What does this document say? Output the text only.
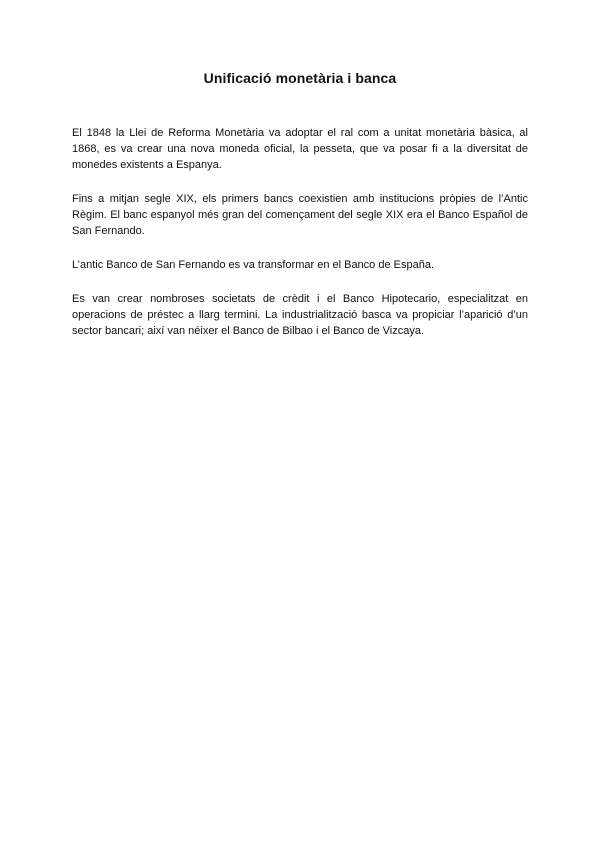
Unificació monetària i banca

El 1848 la Llei de Reforma Monetària va adoptar el ral com a unitat monetària bàsica, al 1868, es va crear una nova moneda oficial, la pesseta, que va posar fi a la diversitat de monedes existents a Espanya.

Fins a mitjan segle XIX, els primers bancs coexistien amb institucions pròpies de l’Antic Règim. El banc espanyol més gran del començament del segle XIX era el Banco Español de San Fernando.

L’antic Banco de San Fernando es va transformar en el Banco de España.

Es van crear nombroses societats de crèdit i el Banco Hipotecario, especialitzat en operacions de préstec a llarg termini. La industrialització basca va propiciar l’aparició d’un sector bancari; així van néixer el Banco de Bilbao i el Banco de Vizcaya.
